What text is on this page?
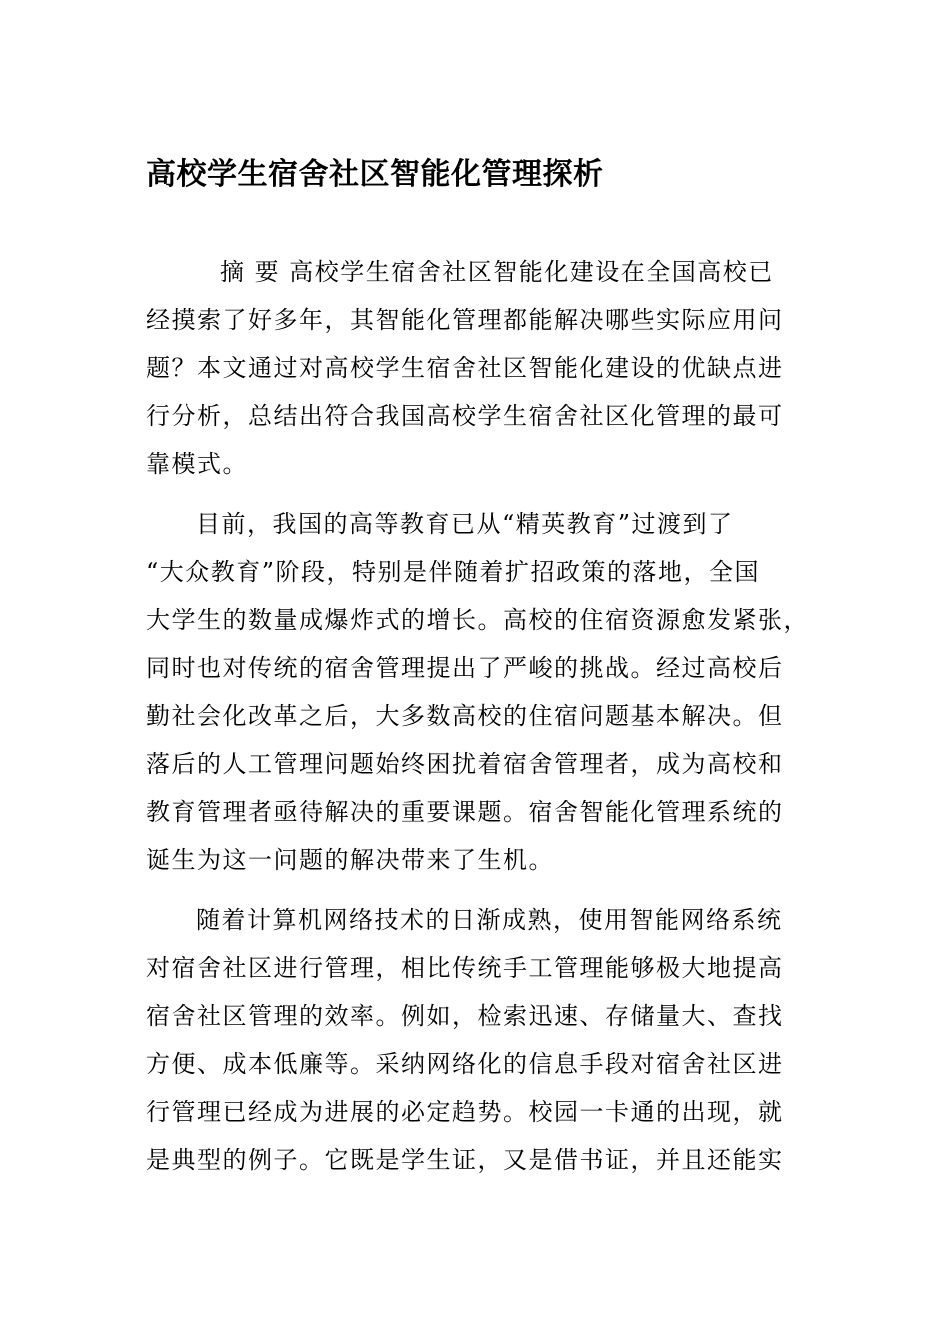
高校学生宿舍社区智能化管理探析
摘 要 高校学生宿舍社区智能化建设在全国高校已
经摸索了好多年，其智能化管理都能解决哪些实际应用问
题？本文通过对高校学生宿舍社区智能化建设的优缺点进
行分析，总结出符合我国高校学生宿舍社区化管理的最可
靠模式。
目前，我国的高等教育已从“精英教育”过渡到了
“大众教育”阶段，特别是伴随着扩招政策的落地，全国
大学生的数量成爆炸式的增长。高校的住宿资源愈发紧张，
同时也对传统的宿舍管理提出了严峻的挑战。经过高校后
勤社会化改革之后，大多数高校的住宿问题基本解决。但
落后的人工管理问题始终困扰着宿舍管理者，成为高校和
教育管理者亟待解决的重要课题。宿舍智能化管理系统的
诞生为这一问题的解决带来了生机。
随着计算机网络技术的日渐成熟，使用智能网络系统
对宿舍社区进行管理，相比传统手工管理能够极大地提高
宿舍社区管理的效率。例如，检索迅速、存储量大、查找
方便、成本低廉等。采纳网络化的信息手段对宿舍社区进
行管理已经成为进展的必定趋势。校园一卡通的出现，就
是典型的例子。它既是学生证，又是借书证，并且还能实
